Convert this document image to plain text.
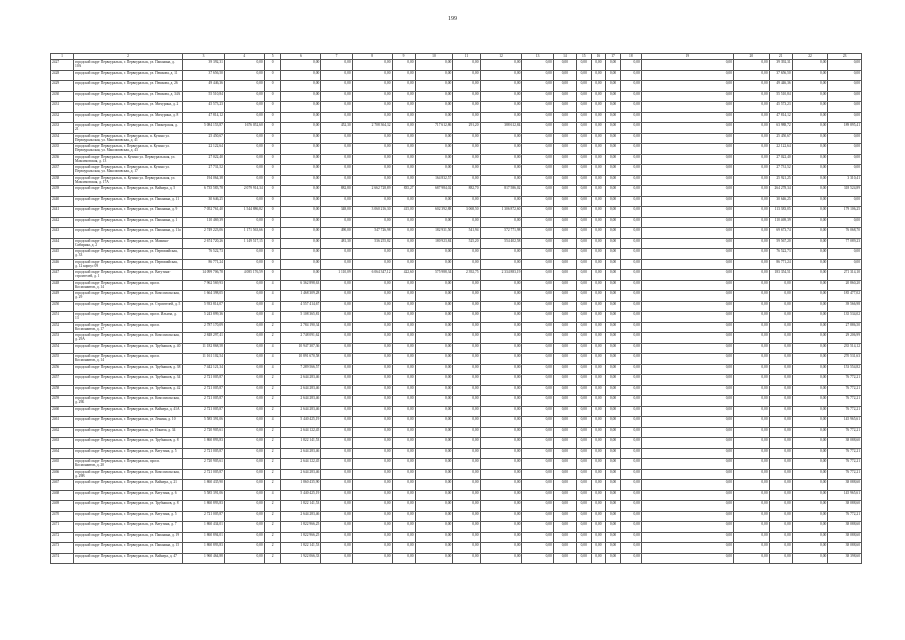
199
1	2	3	4	5	6	7	8	9	10	11	12	13	14	15	16	17	18	19	20	21	22	23
2427	городской округ Первоуральск, г. Первоуральск, ул. Папанина, д. 10А	39 392,31	0,00	0	0,00	0,00	0,00	0,00	0,00	0,00	0,00	0,00	0,00	0,00	0,00	0,00	0,00	0,00	0,00	39 392,31	0,00	0,00
2428	городской округ Первоуральск, г. Первоуральск, ул. Пешкова, д. 11	37 656,50	0,00	0	0,00	0,00	0,00	0,00	0,00	0,00	0,00	0,00	0,00	0,00	0,00	0,00	0,00	0,00	0,00	37 656,50	0,00	0,00
2429	городской округ Первоуральск, г. Первоуральск, ул. Пешкова, д. 26	49 446,36	0,00	0	0,00	0,00	0,00	0,00	0,00	0,00	0,00	0,00	0,00	0,00	0,00	0,00	0,00	0,00	0,00	49 446,36	0,00	0,00
2430	городской округ Первоуральск, г. Первоуральск, ул. Пешкова, д. 34А	55 510,84	0,00	0	0,00	0,00	0,00	0,00	0,00	0,00	0,00	0,00	0,00	0,00	0,00	0,00	0,00	0,00	0,00	55 510,84	0,00	0,00
2431	городской округ Первоуральск, г. Первоуральск, ул. Мичурина, д. 2	45 573,23	0,00	0	0,00	0,00	0,00	0,00	0,00	0,00	0,00	0,00	0,00	0,00	0,00	0,00	0,00	0,00	0,00	45 573,23	0,00	0,00
2432	городской округ Первоуральск, г. Первоуральск, ул. Мичурина, д. 8	47 814,12	0,00	0	0,00	0,00	0,00	0,00	0,00	0,00	0,00	0,00	0,00	0,00	0,00	0,00	0,00	0,00	0,00	47 814,12	0,00	0,00
2433	городской округ Первоуральск, г. Первоуральск, ул. Пионерская, д. 21	5 084 153,87	1676 052,60	0	0,00	452,30	2 708 364,32	0,00	717 612,86	291,20	388 612,84	0,00	0,00	0,00	0,00	0,00	0,00	0,00	0,00	63 988,72	0,00	189 895,41
2434	городской округ Первоуральск, г. Первоуральск, п. Кузино ул. Первоуральская, ул. Максимовская, д. 41	25 450,67	0,00	0	0,00	0,00	0,00	0,00	0,00	0,00	0,00	0,00	0,00	0,00	0,00	0,00	0,00	0,00	0,00	25 450,67	0,00	0,00
2435	городской округ Первоуральск, г. Первоуральск, п. Кузино ул. Первоуральская, ул. Максимовская, д. 43	22 122,64	0,00	0	0,00	0,00	0,00	0,00	0,00	0,00	0,00	0,00	0,00	0,00	0,00	0,00	0,00	0,00	0,00	22 122,64	0,00	0,00
2436	городской округ Первоуральск, п. Кузино ул. Первоуральская, ул. Максимовская, д. 13	27 022,40	0,00	0	0,00	0,00	0,00	0,00	0,00	0,00	0,00	0,00	0,00	0,00	0,00	0,00	0,00	0,00	0,00	27 022,40	0,00	0,00
2437	городской округ Первоуральск, г. Первоуральск, п. Кузино ул. Первоуральская, ул. Максимовская, д. 17	27 731,52	0,00	0	0,00	0,00	0,00	0,00	0,00	0,00	0,00	0,00	0,00	0,00	0,00	0,00	0,00	0,00	0,00	27 731,52	0,00	0,00
2438	городской округ Первоуральск, п. Кузино ул. Первоуральская, ул. Максимовская, д. 17А	194 064,38	0,00	0	0,00	0,00	0,00	0,00	164 832,57	0,00	0,00	0,00	0,00	0,00	0,00	0,00	0,00	0,00	0,00	25 921,25	0,00	3 310,41
2439	городской округ Первоуральск, г. Первоуральск, ул. Вайнера, д. 5	6 735 583,78	2 079 914,34	0	0,00	882,80	2 662 728,89	835,27	687 984,02	882,70	817 586,02	0,00	0,00	0,00	0,00	0,00	0,00	0,00	0,00	264 278,34	0,00	318 524,89
2440	городской округ Первоуральск, г. Первоуральск, ул. Папанина, д. 11	30 646,25	0,00	0	0,00	0,00	0,00	0,00	0,00	0,00	0,00	0,00	0,00	0,00	0,00	0,00	0,00	0,00	0,00	30 646,25	0,00	0,00
2441	городской округ Первоуральск, г. Первоуральск, ул. Папанина, д. 9	7 052 761,40	1 544 886,82	0	0,00	348,00	3 060 216,30	415,00	602 392,88	3 068,50	1 306 872,60	0,00	0,00	0,00	0,00	0,00	0,00	0,00	0,00	113 383,05	0,00	179 106,25
2442	городской округ Первоуральск, г. Первоуральск, ул. Папанина, д. 1	110 469,39	0,00	0	0,00	0,00	0,00	0,00	0,00	0,00	0,00	0,00	0,00	0,00	0,00	0,00	0,00	0,00	0,00	110 469,39	0,00	0,00
2443	городской округ Первоуральск, г. Первоуральск, ул. Папанина, д. 11а	2 749 223,06	1 171 563,66	0	0,00	490,00	547 726,98	0,00	182 931,50	541,94	572 771,98	0,00	0,00	0,00	0,00	0,00	0,00	0,00	0,00	69 673,74	0,00	76 068,70
2444	городской округ Первоуральск, г. Первоуральск, ул. Мамина-Сибиряка, д. 2	2 674 720,26	1 149 517,15	0	0,00	481,30	536 255,82	0,00	180 923,84	525,20	554 402,58	0,00	0,00	0,00	0,00	0,00	0,00	0,00	0,00	59 567,20	0,00	77 089,23
2445	городской округ Первоуральск, г. Первоуральск, ул. Первомайская, д. 33	76 522,73	0,00	0	0,00	0,00	0,00	0,00	0,00	0,00	0,00	0,00	0,00	0,00	0,00	0,00	0,00	0,00	0,00	76 522,73	0,00	0,00
2446	городской округ Первоуральск, г. Первоуральск, ул. Первомайская, д. 12 корпус 09	86 771,24	0,00	0	0,00	0,00	0,00	0,00	0,00	0,00	0,00	0,00	0,00	0,00	0,00	0,00	0,00	0,00	0,00	86 771,24	0,00	0,00
2447	городской округ Первоуральск, г. Первоуральск, ул. Ватутина-строителей, д. 1	14 099 706,78	4 085 176,59	0	0,00	1 110,09	6 064 347,12	422,60	575 988,34	2 392,75	2 334 883,19	0,00	0,00	0,00	0,00	0,00	0,00	0,00	0,00	183 354,51	0,00	271 314,10
2448	городской округ Первоуральск, г. Первоуральск, просп. Космонавтов, д. 14	7 962 569,93	0,00	4	6 362 898,63	0,00	0,00	0,00	0,00	0,00	0,00	0,00	0,00	0,00	0,00	0,00	0,00	0,00	0,00	0,00	0,00	20 860,20
2449	городской округ Первоуральск, г. Первоуральск, ул. Комсомольская, д. 29	1 664 398,05	0,00	4	1 468 309,28	0,00	0,00	0,00	0,00	0,00	0,00	0,00	0,00	0,00	0,00	0,00	0,00	0,00	0,00	0,00	0,00	185 477,02
2450	городской округ Первоуральск, г. Первоуральск, ул. Строителей, д. 5	5 933 814,07	0,00	4	4 557 414,67	0,00	0,00	0,00	0,00	0,00	0,00	0,00	0,00	0,00	0,00	0,00	0,00	0,00	0,00	0,00	0,00	39 566,98
2451	городской округ Первоуральск, г. Первоуральск, просп. Ильича, д. 13	5 243 899,36	0,00	4	5 108 365,81	0,00	0,00	0,00	0,00	0,00	0,00	0,00	0,00	0,00	0,00	0,00	0,00	0,00	0,00	0,00	0,00	135 534,02
2452	городской округ Первоуральск, г. Первоуральск, просп. Космонавтов, д. 17	2 787 170,09	0,00	2	2 784 190,34	0,00	0,00	0,00	0,00	0,00	0,00	0,00	0,00	0,00	0,00	0,00	0,00	0,00	0,00	0,00	0,00	27 886,50
2453	городской округ Первоуральск, г. Первоуральск, ул. Комсомольская, д. 29А	2 848 297,41	0,00	2	2 748 091,62	0,00	0,00	0,00	0,00	0,00	0,00	0,00	0,00	0,00	0,00	0,00	0,00	0,00	0,00	0,00	0,00	29 206,99
2454	городской округ Первоуральск, г. Первоуральск, ул. Трубников, д. 40	11 182 868,58	0,00	4	10 947 307,36	0,00	0,00	0,00	0,00	0,00	0,00	0,00	0,00	0,00	0,00	0,00	0,00	0,00	0,00	0,00	0,00	235 514,12
2455	городской округ Первоуральск, г. Первоуральск, просп. Космонавтов, д. 14	11 161 102,54	0,00	4	10 891 670,58	0,00	0,00	0,00	0,00	0,00	0,00	0,00	0,00	0,00	0,00	0,00	0,00	0,00	0,00	0,00	0,00	270 531,63
2456	городской округ Первоуральск, г. Первоуральск, ул. Трубников, д. 38	7 442 121,34	0,00	4	7 289 566,57	0,00	0,00	0,00	0,00	0,00	0,00	0,00	0,00	0,00	0,00	0,00	0,00	0,00	0,00	0,00	0,00	153 554,82
2457	городской округ Первоуральск, г. Первоуральск, ул. Трубников, д. 34	2 721 005,87	0,00	2	2 644 283,46	0,00	0,00	0,00	0,00	0,00	0,00	0,00	0,00	0,00	0,00	0,00	0,00	0,00	0,00	0,00	0,00	76 772,21
2458	городской округ Первоуральск, г. Первоуральск, ул. Трубников, д. 42	2 721 005,87	0,00	2	2 644 283,46	0,00	0,00	0,00	0,00	0,00	0,00	0,00	0,00	0,00	0,00	0,00	0,00	0,00	0,00	0,00	0,00	76 772,21
2459	городской округ Первоуральск, г. Первоуральск, ул. Комсомольская, д. 29Б	2 721 005,87	0,00	2	2 644 283,46	0,00	0,00	0,00	0,00	0,00	0,00	0,00	0,00	0,00	0,00	0,00	0,00	0,00	0,00	0,00	0,00	76 772,21
2460	городской округ Первоуральск, г. Первоуральск, ул. Вайнера, д. 41А	2 721 005,87	0,00	2	2 644 283,46	0,00	0,00	0,00	0,00	0,00	0,00	0,00	0,00	0,00	0,00	0,00	0,00	0,00	0,00	0,00	0,00	76 772,21
2461	городской округ Первоуральск, г. Первоуральск, ул. Ленина, д. 10	5 585 391,06	0,00	4	5 440 425,19	0,00	0,00	0,00	0,00	0,00	0,00	0,00	0,00	0,00	0,00	0,00	0,00	0,00	0,00	0,00	0,00	145 965,61
2462	городской округ Первоуральск, г. Первоуральск, ул. Ильича, д. 34	2 720 905,61	0,00	2	2 644 122,45	0,00	0,00	0,00	0,00	0,00	0,00	0,00	0,00	0,00	0,00	0,00	0,00	0,00	0,00	0,00	0,00	76 772,21
2463	городской округ Первоуральск, г. Первоуральск, ул. Трубников, д. 8	1 860 893,83	0,00	2	1 822 141,53	0,00	0,00	0,00	0,00	0,00	0,00	0,00	0,00	0,00	0,00	0,00	0,00	0,00	0,00	0,00	0,00	38 088,60
2464	городской округ Первоуральск, г. Первоуральск, ул. Ватутина, д. 5	2 721 005,87	0,00	2	2 644 283,46	0,00	0,00	0,00	0,00	0,00	0,00	0,00	0,00	0,00	0,00	0,00	0,00	0,00	0,00	0,00	0,00	76 772,21
2465	городской округ Первоуральск, г. Первоуральск, просп. Космонавтов, д. 20	2 720 905,61	0,00	2	2 644 122,45	0,00	0,00	0,00	0,00	0,00	0,00	0,00	0,00	0,00	0,00	0,00	0,00	0,00	0,00	0,00	0,00	76 772,21
2466	городской округ Первоуральск, г. Первоуральск, ул. Комсомольская, д. 29В	2 721 005,87	0,00	2	2 644 283,46	0,00	0,00	0,00	0,00	0,00	0,00	0,00	0,00	0,00	0,00	0,00	0,00	0,00	0,00	0,00	0,00	76 772,21
2467	городской округ Первоуральск, г. Первоуральск, ул. Вайнера, д. 21	1 860 435,90	0,00	2	1 860 435,90	0,00	0,00	0,00	0,00	0,00	0,00	0,00	0,00	0,00	0,00	0,00	0,00	0,00	0,00	0,00	0,00	38 088,60
2468	городской округ Первоуральск, г. Первоуральск, ул. Ватутина, д. 6	5 585 391,06	0,00	4	5 440 425,19	0,00	0,00	0,00	0,00	0,00	0,00	0,00	0,00	0,00	0,00	0,00	0,00	0,00	0,00	0,00	0,00	145 965,61
2469	городской округ Первоуральск, г. Первоуральск, ул. Трубников, д. 8	1 860 893,83	0,00	2	1 822 141,53	0,00	0,00	0,00	0,00	0,00	0,00	0,00	0,00	0,00	0,00	0,00	0,00	0,00	0,00	0,00	0,00	38 088,60
2470	городской округ Первоуральск, г. Первоуральск, ул. Ватутина, д. 5	2 721 005,87	0,00	2	2 644 283,46	0,00	0,00	0,00	0,00	0,00	0,00	0,00	0,00	0,00	0,00	0,00	0,00	0,00	0,00	0,00	0,00	76 772,21
2471	городской округ Первоуральск, г. Первоуральск, ул. Ватутина, д. 7	1 860 434,01	0,00	2	1 822 966,25	0,00	0,00	0,00	0,00	0,00	0,00	0,00	0,00	0,00	0,00	0,00	0,00	0,00	0,00	0,00	0,00	38 088,60
2472	городской округ Первоуральск, г. Первоуральск, ул. Папанина, д. 19	1 860 894,01	0,00	2	1 822 966,25	0,00	0,00	0,00	0,00	0,00	0,00	0,00	0,00	0,00	0,00	0,00	0,00	0,00	0,00	0,00	0,00	38 088,60
2473	городской округ Первоуральск, г. Первоуральск, ул. Папанина, д. 15	1 860 893,83	0,00	2	1 822 141,53	0,00	0,00	0,00	0,00	0,00	0,00	0,00	0,00	0,00	0,00	0,00	0,00	0,00	0,00	0,00	0,00	38 088,60
2474	городской округ Первоуральск, г. Первоуральск, ул. Вайнера, д. 47	1 960 464,88	0,00	2	1 922 066,33	0,00	0,00	0,00	0,00	0,00	0,00	0,00	0,00	0,00	0,00	0,00	0,00	0,00	0,00	0,00	0,00	38 398,60
